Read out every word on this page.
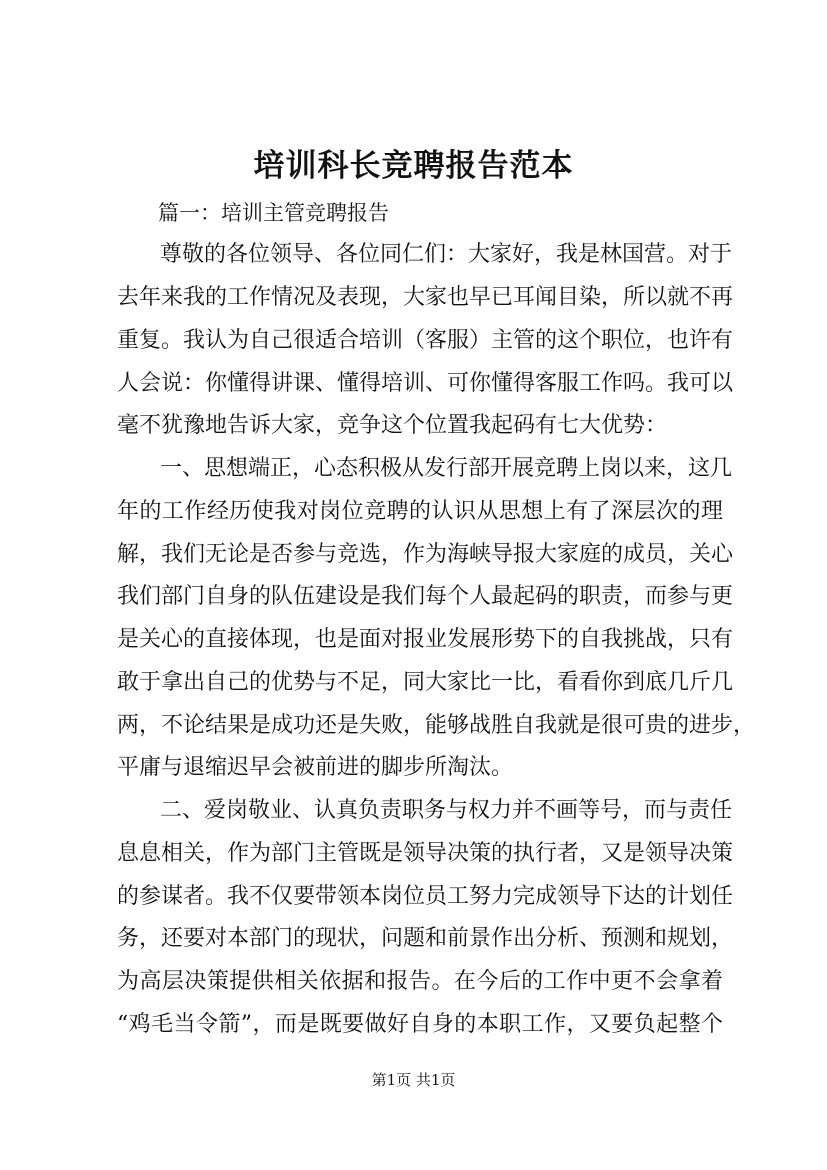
培训科长竞聘报告范本
篇一：培训主管竞聘报告
尊敬的各位领导、各位同仁们：大家好，我是林国营。对于
去年来我的工作情况及表现，大家也早已耳闻目染，所以就不再
重复。我认为自己很适合培训（客服）主管的这个职位，也许有
人会说：你懂得讲课、懂得培训、可你懂得客服工作吗。我可以
毫不犹豫地告诉大家，竞争这个位置我起码有七大优势：
一、思想端正，心态积极从发行部开展竞聘上岗以来，这几
年的工作经历使我对岗位竞聘的认识从思想上有了深层次的理
解，我们无论是否参与竞选，作为海峡导报大家庭的成员，关心
我们部门自身的队伍建设是我们每个人最起码的职责，而参与更
是关心的直接体现，也是面对报业发展形势下的自我挑战，只有
敢于拿出自己的优势与不足，同大家比一比，看看你到底几斤几
两，不论结果是成功还是失败，能够战胜自我就是很可贵的进步，
平庸与退缩迟早会被前进的脚步所淘汰。
二、爱岗敬业、认真负责职务与权力并不画等号，而与责任
息息相关，作为部门主管既是领导决策的执行者，又是领导决策
的参谋者。我不仅要带领本岗位员工努力完成领导下达的计划任
务，还要对本部门的现状，问题和前景作出分析、预测和规划，
为高层决策提供相关依据和报告。在今后的工作中更不会拿着
“鸡毛当令箭”，而是既要做好自身的本职工作，又要负起整个
第1页 共1页
